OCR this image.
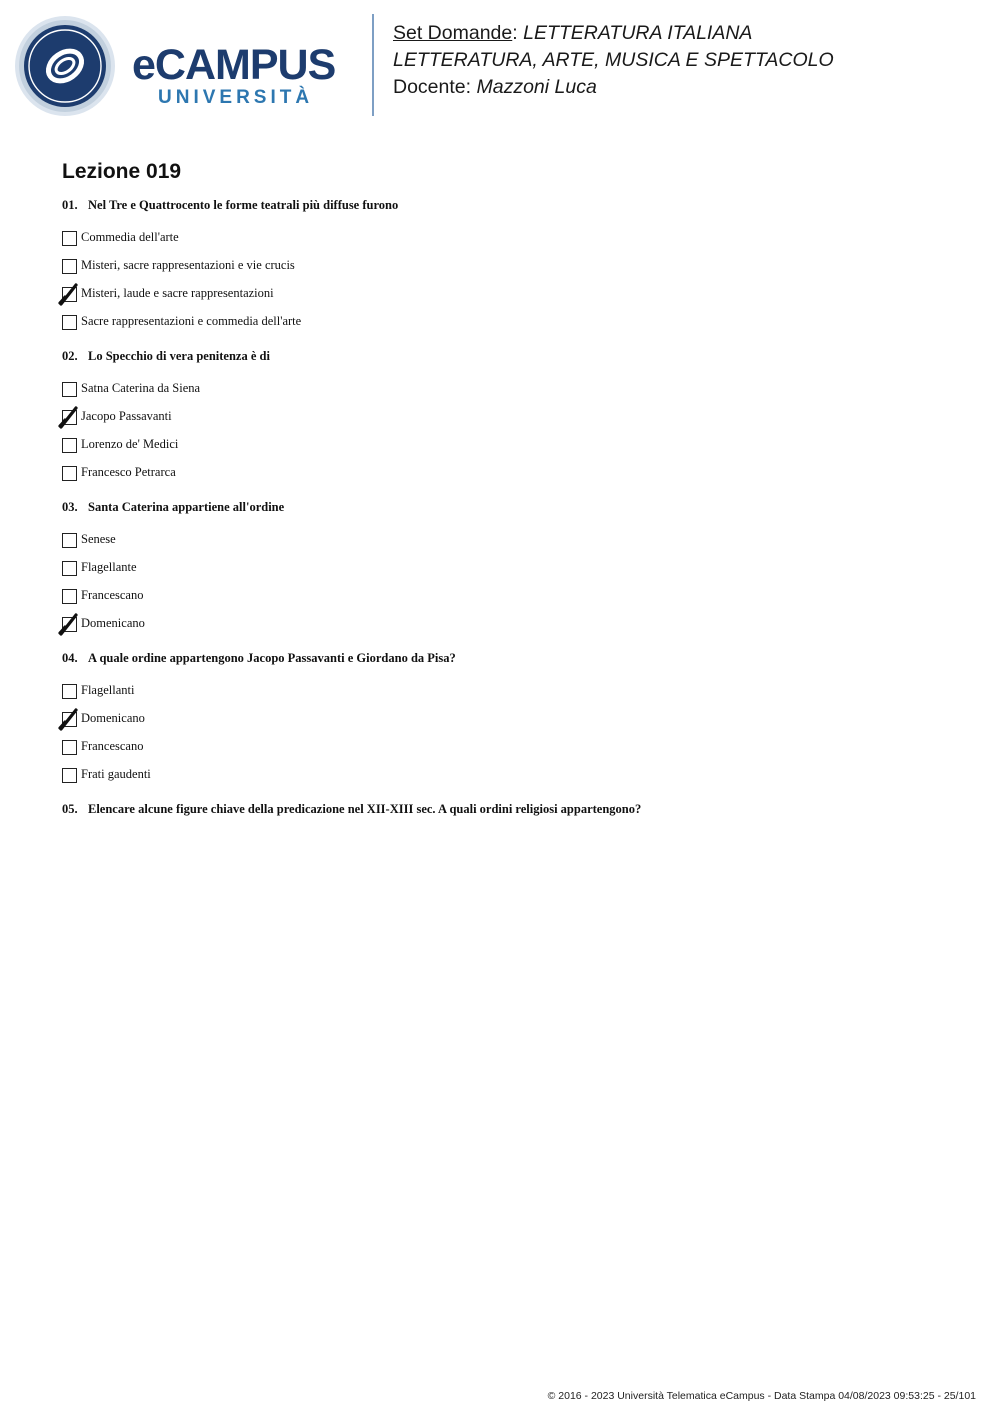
eCAMPUS
UNIVERSITÀ
Set Domande: LETTERATURA ITALIANA
LETTERATURA, ARTE, MUSICA E SPETTACOLO
Docente: Mazzoni Luca
Lezione 019
01. Nel Tre e Quattrocento le forme teatrali più diffuse furono
Commedia dell'arte
Misteri, sacre rappresentazioni e vie crucis
Misteri, laude e sacre rappresentazioni
Sacre rappresentazioni e commedia dell'arte
02. Lo Specchio di vera penitenza è di
Satna Caterina da Siena
Jacopo Passavanti
Lorenzo de' Medici
Francesco Petrarca
03. Santa Caterina appartiene all'ordine
Senese
Flagellante
Francescano
Domenicano
04. A quale ordine appartengono Jacopo Passavanti e Giordano da Pisa?
Flagellanti
Domenicano
Francescano
Frati gaudenti
05. Elencare alcune figure chiave della predicazione nel XII-XIII sec. A quali ordini religiosi appartengono?
© 2016 - 2023 Università Telematica eCampus - Data Stampa 04/08/2023 09:53:25 - 25/101
